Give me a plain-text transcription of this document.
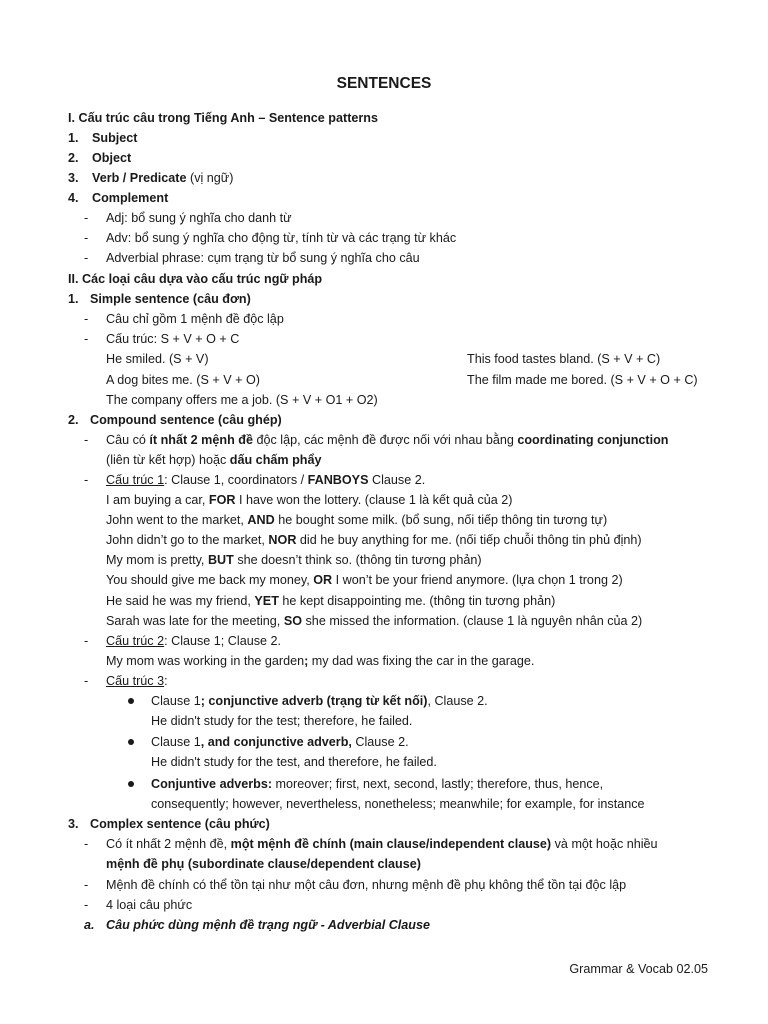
SENTENCES
I. Cấu trúc câu trong Tiếng Anh – Sentence patterns
1. Subject
2. Object
3. Verb / Predicate (vị ngữ)
4. Complement
- Adj: bổ sung ý nghĩa cho danh từ
- Adv: bổ sung ý nghĩa cho động từ, tính từ và các trạng từ khác
- Adverbial phrase: cụm trạng từ bổ sung ý nghĩa cho câu
II. Các loại câu dựa vào cấu trúc ngữ pháp
1. Simple sentence (câu đơn)
- Câu chỉ gồm 1 mệnh đề độc lập
- Cấu trúc: S + V + O + C
He smiled. (S + V)	This food tastes bland. (S + V + C)
A dog bites me. (S + V + O)	The film made me bored. (S + V + O + C)
The company offers me a job. (S + V + O1 + O2)
2. Compound sentence (câu ghép)
- Câu có ít nhất 2 mệnh đề độc lập, các mệnh đề được nối với nhau bằng coordinating conjunction
(liên từ kết hợp) hoặc dấu chấm phẩy
- Cấu trúc 1: Clause 1, coordinators / FANBOYS Clause 2.
I am buying a car, FOR I have won the lottery. (clause 1 là kết quả của 2)
John went to the market, AND he bought some milk. (bổ sung, nối tiếp thông tin tương tự)
John didn’t go to the market, NOR did he buy anything for me. (nối tiếp chuỗi thông tin phủ định)
My mom is pretty, BUT she doesn’t think so. (thông tin tương phản)
You should give me back my money, OR I won’t be your friend anymore. (lựa chọn 1 trong 2)
He said he was my friend, YET he kept disappointing me. (thông tin tương phản)
Sarah was late for the meeting, SO she missed the information. (clause 1 là nguyên nhân của 2)
- Cấu trúc 2: Clause 1; Clause 2.
My mom was working in the garden; my dad was fixing the car in the garage.
- Cấu trúc 3:
Clause 1; conjunctive adverb (trạng từ kết nối), Clause 2.
He didn't study for the test; therefore, he failed.
Clause 1, and conjunctive adverb, Clause 2.
He didn't study for the test, and therefore, he failed.
Conjuntive adverbs: moreover; first, next, second, lastly; therefore, thus, hence,
consequently; however, nevertheless, nonetheless; meanwhile; for example, for instance
3. Complex sentence (câu phức)
- Có ít nhất 2 mệnh đề, một mệnh đề chính (main clause/independent clause) và một hoặc nhiều
mệnh đề phụ (subordinate clause/dependent clause)
- Mệnh đề chính có thể tồn tại như một câu đơn, nhưng mệnh đề phụ không thể tồn tại độc lập
- 4 loại câu phức
a. Câu phức dùng mệnh đề trạng ngữ - Adverbial Clause
Grammar & Vocab 02.05
